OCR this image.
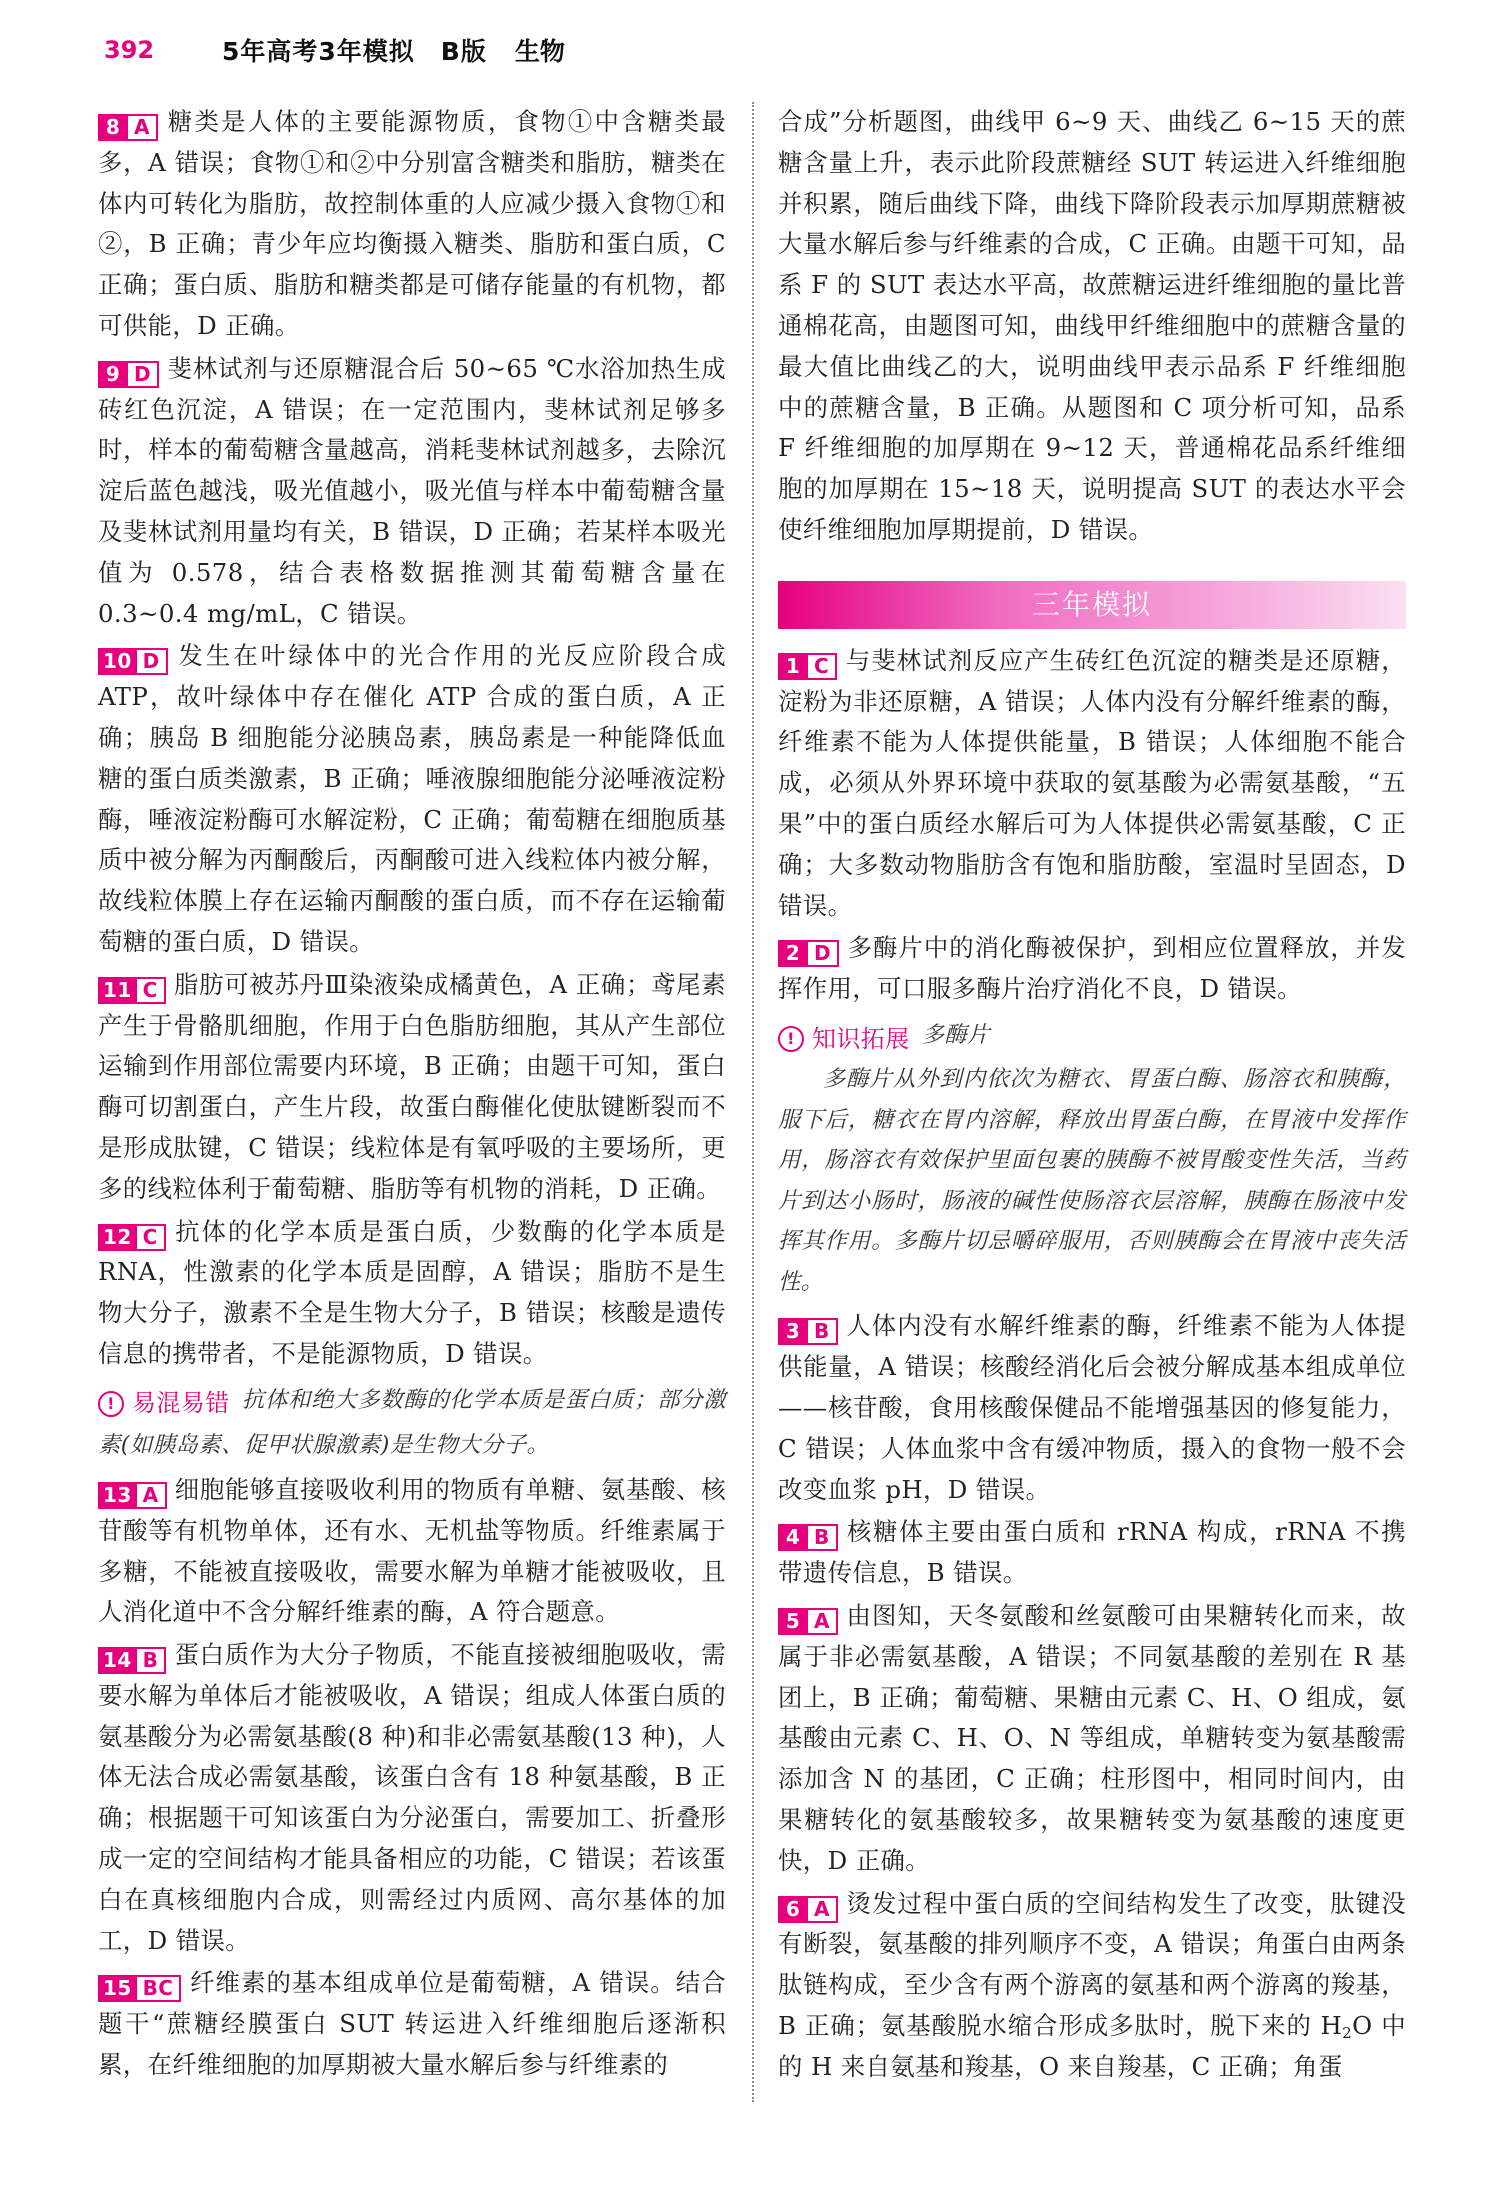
392	5年高考3年模拟　B版 生物
8 A 糖类是人体的主要能源物质，食物①中含糖类最多，A 错误；食物①和②中分别富含糖类和脂肪，糖类在体内可转化为脂肪，故控制体重的人应减少摄入食物①和②，B 正确；青少年应均衡摄入糖类、脂肪和蛋白质，C 正确；蛋白质、脂肪和糖类都是可储存能量的有机物，都可供能，D 正确。
9 D 斐林试剂与还原糖混合后 50~65 ℃水浴加热生成砖红色沉淀，A 错误；在一定范围内，斐林试剂足够多时，样本的葡萄糖含量越高，消耗斐林试剂越多，去除沉淀后蓝色越浅，吸光值越小，吸光值与样本中葡萄糖含量及斐林试剂用量均有关，B 错误，D 正确；若某样本吸光值为 0.578，结合表格数据推测其葡萄糖含量在 0.3~0.4 mg/mL，C 错误。
10 D 发生在叶绿体中的光合作用的光反应阶段合成 ATP，故叶绿体中存在催化 ATP 合成的蛋白质，A 正确；胰岛 B 细胞能分泌胰岛素，胰岛素是一种能降低血糖的蛋白质类激素，B 正确；唾液腺细胞能分泌唾液淀粉酶，唾液淀粉酶可水解淀粉，C 正确；葡萄糖在细胞质基质中被分解为丙酮酸后，丙酮酸可进入线粒体内被分解，故线粒体膜上存在运输丙酮酸的蛋白质，而不存在运输葡萄糖的蛋白质，D 错误。
11 C 脂肪可被苏丹Ⅲ染液染成橘黄色，A 正确；鸢尾素产生于骨骼肌细胞，作用于白色脂肪细胞，其从产生部位运输到作用部位需要内环境，B 正确；由题干可知，蛋白酶可切割蛋白，产生片段，故蛋白酶催化使肽键断裂而不是形成肽键，C 错误；线粒体是有氧呼吸的主要场所，更多的线粒体利于葡萄糖、脂肪等有机物的消耗，D 正确。
12 C 抗体的化学本质是蛋白质，少数酶的化学本质是 RNA，性激素的化学本质是固醇，A 错误；脂肪不是生物大分子，激素不全是生物大分子，B 错误；核酸是遗传信息的携带者，不是能源物质，D 错误。
! 易混易错 抗体和绝大多数酶的化学本质是蛋白质；部分激素(如胰岛素、促甲状腺激素)是生物大分子。
13 A 细胞能够直接吸收利用的物质有单糖、氨基酸、核苷酸等有机物单体，还有水、无机盐等物质。纤维素属于多糖，不能被直接吸收，需要水解为单糖才能被吸收，且人消化道中不含分解纤维素的酶，A 符合题意。
14 B 蛋白质作为大分子物质，不能直接被细胞吸收，需要水解为单体后才能被吸收，A 错误；组成人体蛋白质的氨基酸分为必需氨基酸(8 种)和非必需氨基酸(13 种)，人体无法合成必需氨基酸，该蛋白含有 18 种氨基酸，B 正确；根据题干可知该蛋白为分泌蛋白，需要加工、折叠形成一定的空间结构才能具备相应的功能，C 错误；若该蛋白在真核细胞内合成，则需经过内质网、高尔基体的加工，D 错误。
15 BC 纤维素的基本组成单位是葡萄糖，A 错误。结合题干“蔗糖经膜蛋白 SUT 转运进入纤维细胞后逐渐积累，在纤维细胞的加厚期被大量水解后参与纤维素的
合成”分析题图，曲线甲 6~9 天、曲线乙 6~15 天的蔗糖含量上升，表示此阶段蔗糖经 SUT 转运进入纤维细胞并积累，随后曲线下降，曲线下降阶段表示加厚期蔗糖被大量水解后参与纤维素的合成，C 正确。由题干可知，品系 F 的 SUT 表达水平高，故蔗糖运进纤维细胞的量比普通棉花高，由题图可知，曲线甲纤维细胞中的蔗糖含量的最大值比曲线乙的大，说明曲线甲表示品系 F 纤维细胞中的蔗糖含量，B 正确。从题图和 C 项分析可知，品系 F 纤维细胞的加厚期在 9~12 天，普通棉花品系纤维细胞的加厚期在 15~18 天，说明提高 SUT 的表达水平会使纤维细胞加厚期提前，D 错误。
三年模拟
1 C 与斐林试剂反应产生砖红色沉淀的糖类是还原糖，淀粉为非还原糖，A 错误；人体内没有分解纤维素的酶，纤维素不能为人体提供能量，B 错误；人体细胞不能合成，必须从外界环境中获取的氨基酸为必需氨基酸，“五果”中的蛋白质经水解后可为人体提供必需氨基酸，C 正确；大多数动物脂肪含有饱和脂肪酸，室温时呈固态，D 错误。
2 D 多酶片中的消化酶被保护，到相应位置释放，并发挥作用，可口服多酶片治疗消化不良，D 错误。
! 知识拓展 多酶片
多酶片从外到内依次为糖衣、胃蛋白酶、肠溶衣和胰酶，服下后，糖衣在胃内溶解，释放出胃蛋白酶，在胃液中发挥作用，肠溶衣有效保护里面包裹的胰酶不被胃酸变性失活，当药片到达小肠时，肠液的碱性使肠溶衣层溶解，胰酶在肠液中发挥其作用。多酶片切忌嚼碎服用，否则胰酶会在胃液中丧失活性。
3 B 人体内没有水解纤维素的酶，纤维素不能为人体提供能量，A 错误；核酸经消化后会被分解成基本组成单位——核苷酸，食用核酸保健品不能增强基因的修复能力，C 错误；人体血浆中含有缓冲物质，摄入的食物一般不会改变血浆 pH，D 错误。
4 B 核糖体主要由蛋白质和 rRNA 构成，rRNA 不携带遗传信息，B 错误。
5 A 由图知，天冬氨酸和丝氨酸可由果糖转化而来，故属于非必需氨基酸，A 错误；不同氨基酸的差别在 R 基团上，B 正确；葡萄糖、果糖由元素 C、H、O 组成，氨基酸由元素 C、H、O、N 等组成，单糖转变为氨基酸需添加含 N 的基团，C 正确；柱形图中，相同时间内，由果糖转化的氨基酸较多，故果糖转变为氨基酸的速度更快，D 正确。
6 A 烫发过程中蛋白质的空间结构发生了改变，肽键没有断裂，氨基酸的排列顺序不变，A 错误；角蛋白由两条肽链构成，至少含有两个游离的氨基和两个游离的羧基，B 正确；氨基酸脱水缩合形成多肽时，脱下来的 $H_2O$ 中的 H 来自氨基和羧基，O 来自羧基，C 正确；角蛋
